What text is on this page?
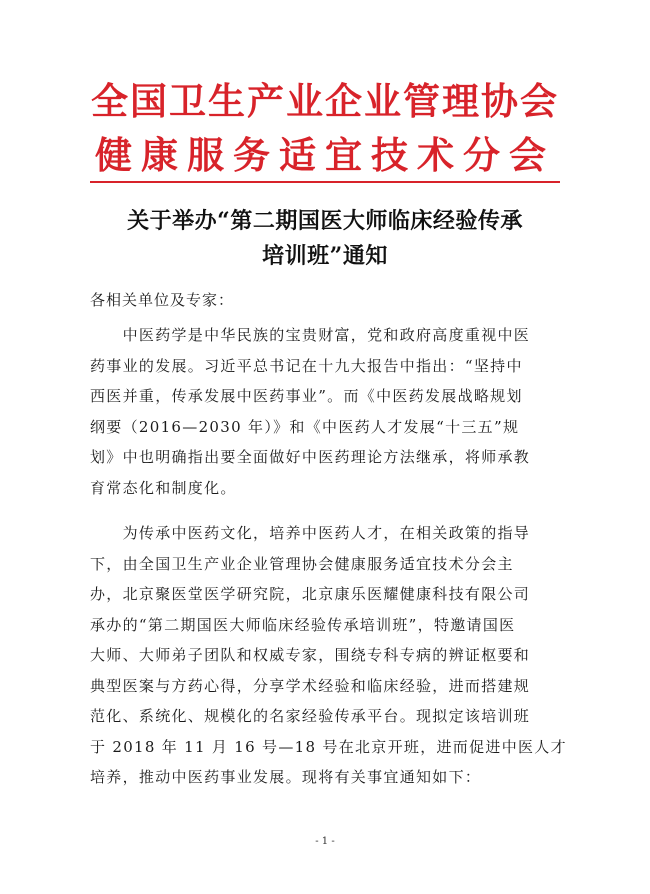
全国卫生产业企业管理协会
健康服务适宜技术分会
关于举办“第二期国医大师临床经验传承
培训班”通知

各相关单位及专家：

　　中医药学是中华民族的宝贵财富，党和政府高度重视中医
药事业的发展。习近平总书记在十九大报告中指出：“坚持中
西医并重，传承发展中医药事业”。而《中医药发展战略规划
纲要（2016—2030 年）》和《中医药人才发展“十三五”规
划》中也明确指出要全面做好中医药理论方法继承，将师承教
育常态化和制度化。
　　为传承中医药文化，培养中医药人才，在相关政策的指导
下，由全国卫生产业企业管理协会健康服务适宜技术分会主
办，北京聚医堂医学研究院，北京康乐医耀健康科技有限公司
承办的“第二期国医大师临床经验传承培训班”，特邀请国医
大师、大师弟子团队和权威专家，围绕专科专病的辨证枢要和
典型医案与方药心得，分享学术经验和临床经验，进而搭建规
范化、系统化、规模化的名家经验传承平台。现拟定该培训班
于 2018 年 11 月 16 号—18 号在北京开班，进而促进中医人才
培养，推动中医药事业发展。现将有关事宜通知如下：

- 1 -
